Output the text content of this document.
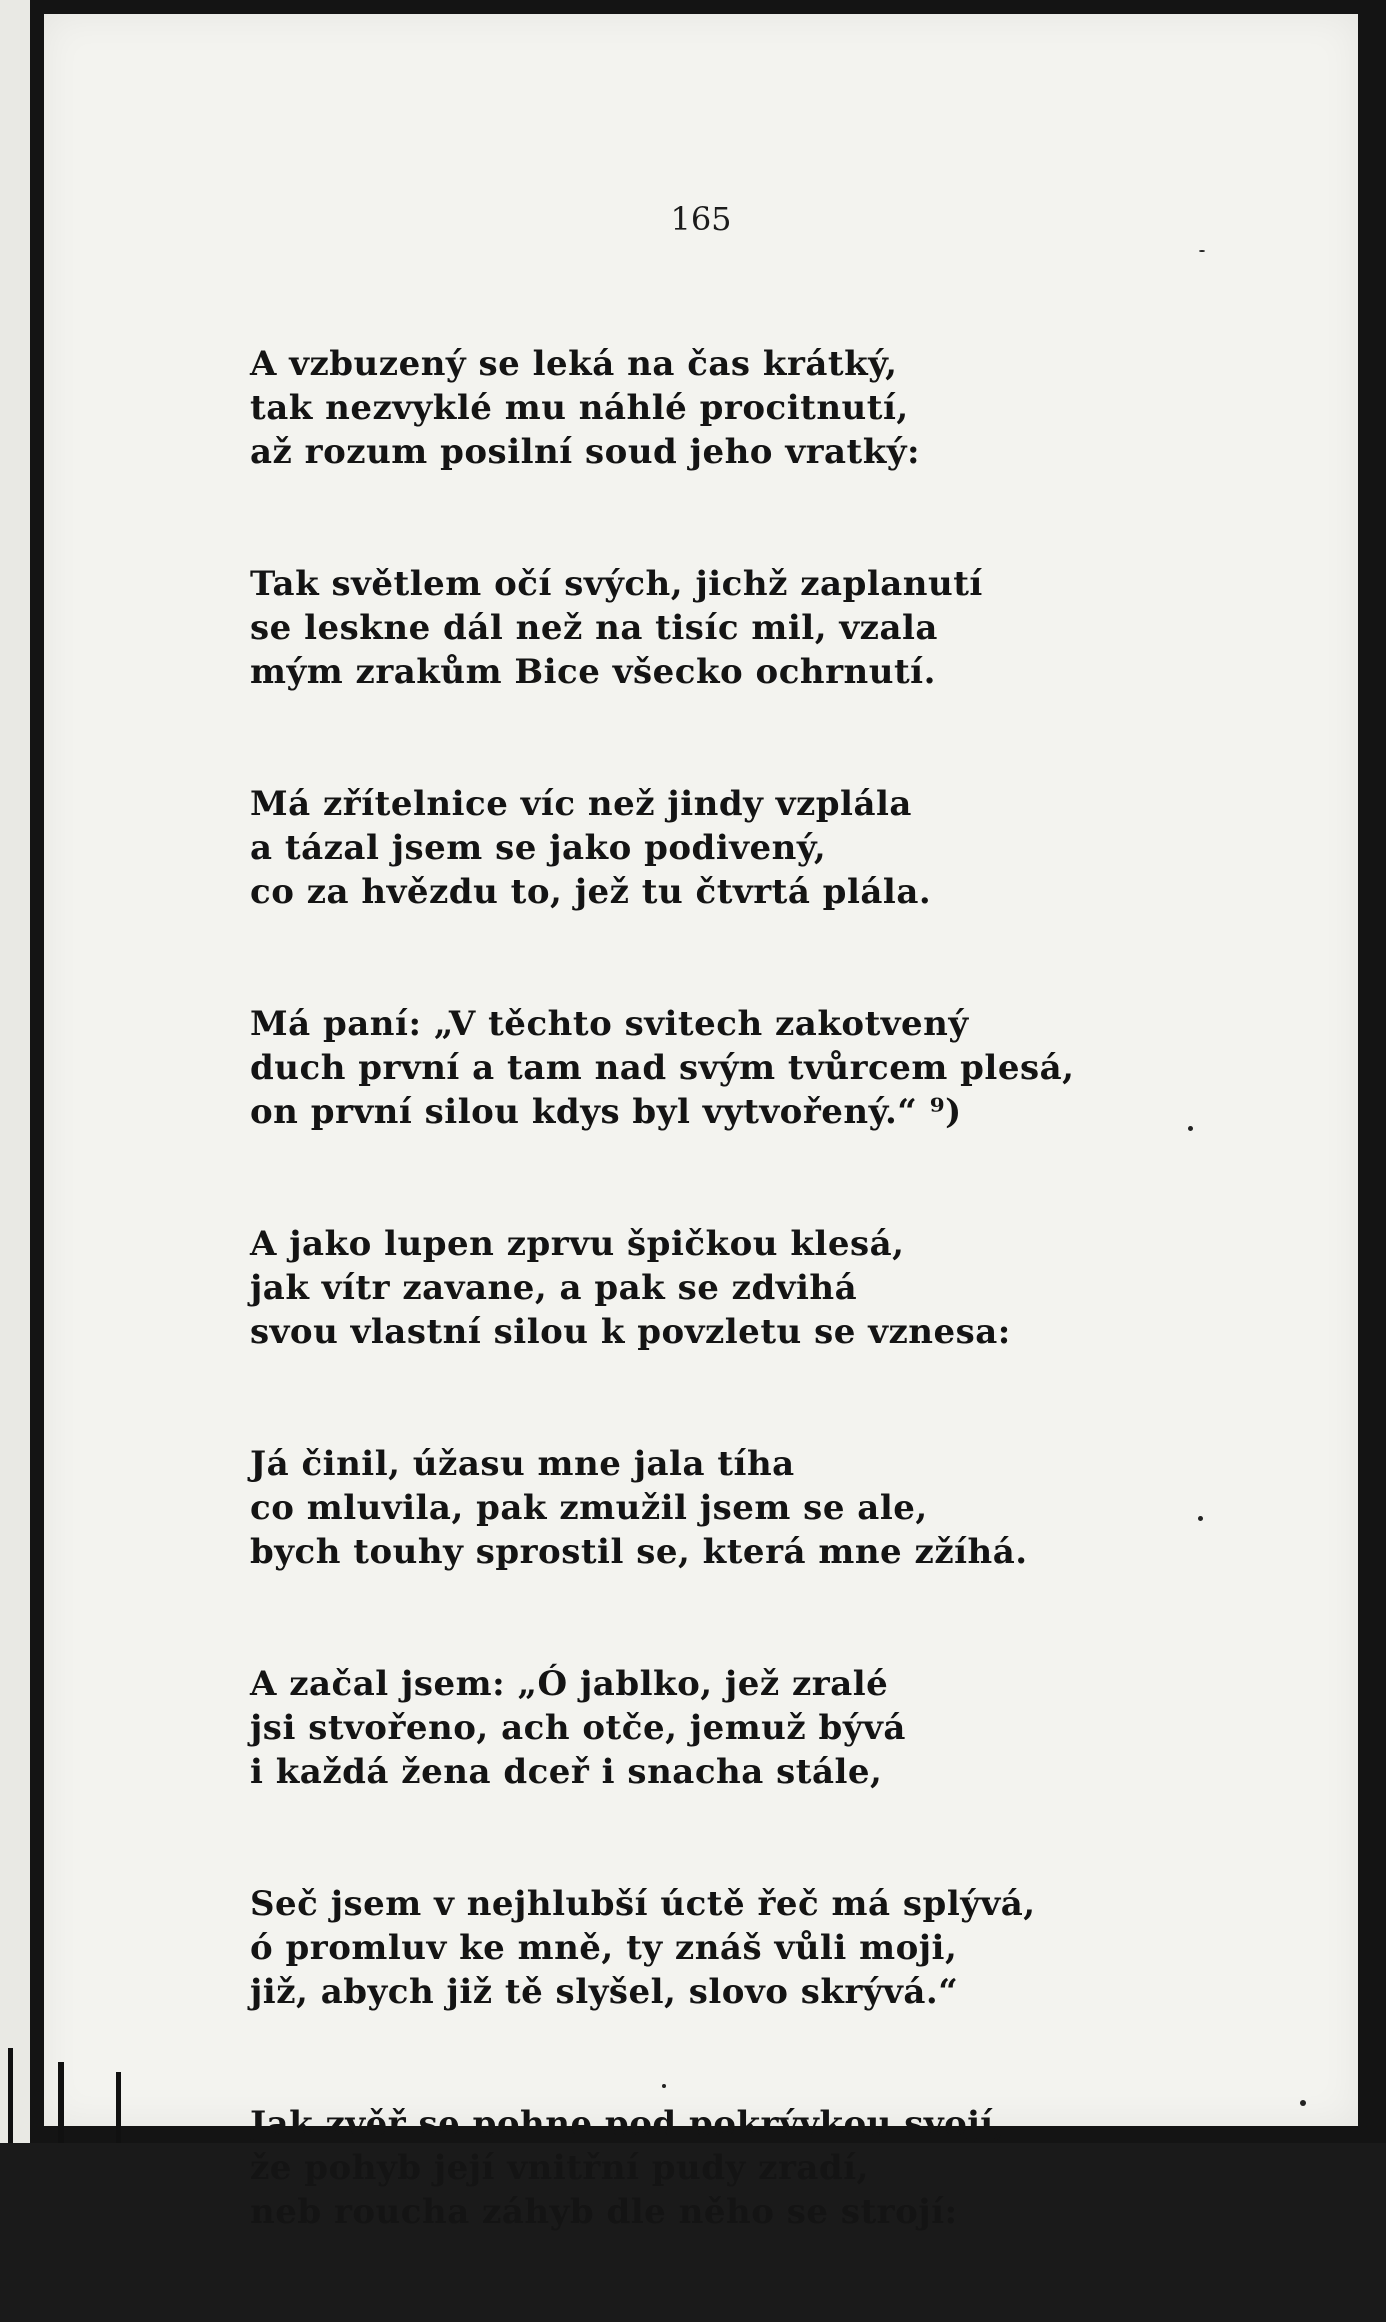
165
A vzbuzený se leká na čas krátký,
tak nezvyklé mu náhlé procitnutí,
až rozum posilní soud jeho vratký:
Tak světlem očí svých, jichž zaplanutí
se leskne dál než na tisíc mil, vzala
mým zrakům Bice všecko ochrnutí.
Má zřítelnice víc než jindy vzplála
a tázal jsem se jako podivený,
co za hvězdu to, jež tu čtvrtá plála.
Má paní: „V těchto svitech zakotvený
duch první a tam nad svým tvůrcem plesá,
on první silou kdys byl vytvořený.“ ⁹)
A jako lupen zprvu špičkou klesá,
jak vítr zavane, a pak se zdvihá
svou vlastní silou k povzletu se vznesa:
Já činil, úžasu mne jala tíha
co mluvila, pak zmužil jsem se ale,
bych touhy sprostil se, která mne zžíhá.
A začal jsem: „Ó jablko, jež zralé
jsi stvořeno, ach otče, jemuž bývá
i každá žena dceř i snacha stále,
Seč jsem v nejhlubší úctě řeč má splývá,
ó promluv ke mně, ty znáš vůli moji,
již, abych již tě slyšel, slovo skrývá.“
Jak zvěř se pohne pod pokrývkou svojí,
že pohyb její vnitřní pudy zradí,
neb roucha záhyb dle něho se strojí:
